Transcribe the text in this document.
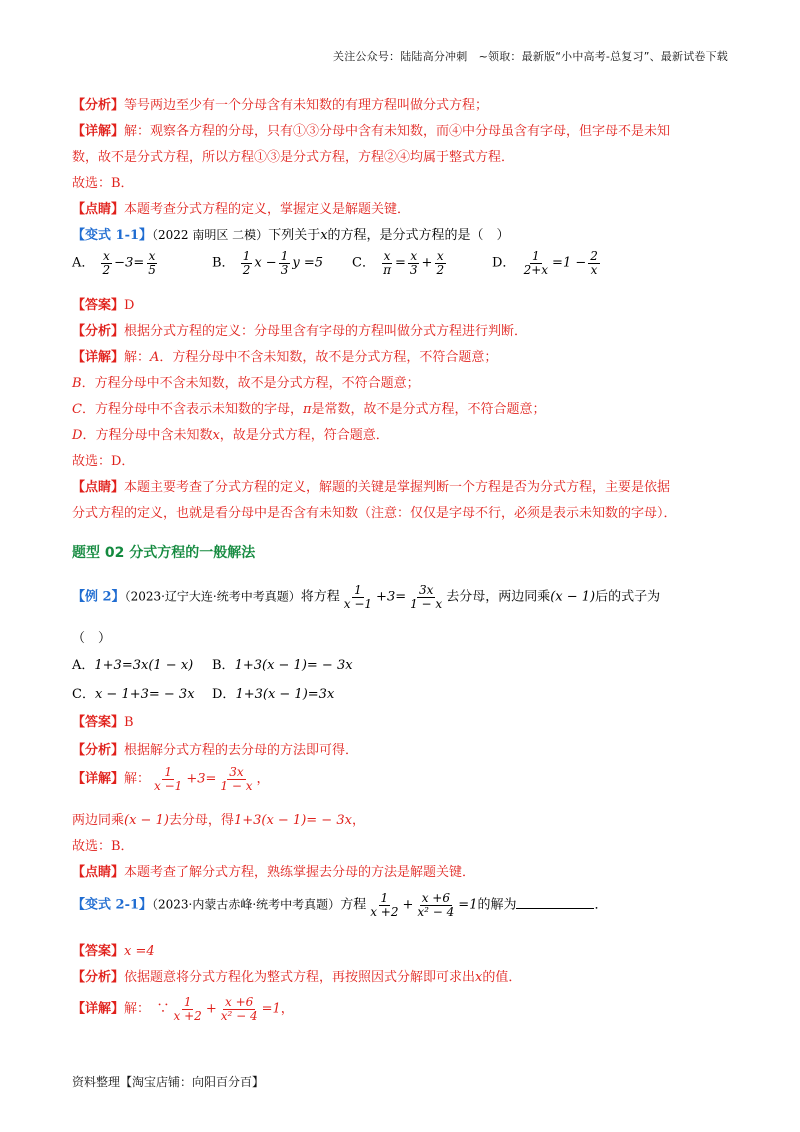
关注公众号：陆陆高分冲刺　~领取：最新版“小中高考-总复习”、最新试卷下载
【分析】等号两边至少有一个分母含有未知数的有理方程叫做分式方程；
【详解】解：观察各方程的分母，只有①③分母中含有未知数，而④中分母虽含有字母，但字母不是未知
数，故不是分式方程，所以方程①③是分式方程，方程②④均属于整式方程．
故选：B．
【点睛】本题考查分式方程的定义，掌握定义是解题关键．
【变式 1-1】（2022 南明区 二模）下列关于x的方程，是分式方程的是（　）
A． $\frac{x}{2} -3= \frac{x}{5}$	B． $\frac{1}{2}$ $x - \frac{1}{3}$ y =5 C． $\frac{x}{\pi} = \frac{x}{3} + \frac{x}{2}$	D． $\frac{1}{2+x} =1 - \frac{2}{x}$
【答案】D
【分析】根据分式方程的定义：分母里含有字母的方程叫做分式方程进行判断．
【详解】解：A．方程分母中不含未知数，故不是分式方程，不符合题意；
B．方程分母中不含未知数，故不是分式方程，不符合题意；
C．方程分母中不含表示未知数的字母，π是常数，故不是分式方程，不符合题意；
D．方程分母中含未知数x，故是分式方程，符合题意．
故选：D．
【点睛】本题主要考查了分式方程的定义，解题的关键是掌握判断一个方程是否为分式方程，主要是依据
分式方程的定义，也就是看分母中是否含有未知数（注意：仅仅是字母不行，必须是表示未知数的字母）．
题型 02 分式方程的一般解法
【例 2】（2023·辽宁大连·统考中考真题）将方程 $\frac{1}{x -1} +3= \frac{3x}{1 - x}$ 去分母，两边同乘(x − 1)后的式子为
（　）
A．1+3=3x(1 − x) B．1+3(x − 1)= − 3x
C．x − 1+3= − 3x D．1+3(x − 1)=3x
【答案】B
【分析】根据解分式方程的去分母的方法即可得．
【详解】解： $\frac{1}{x -1} +3= \frac{3x}{1 - x}$ ，
两边同乘(x − 1)去分母，得1+3(x − 1)= − 3x，
故选：B．
【点睛】本题考查了解分式方程，熟练掌握去分母的方法是解题关键．
【变式 2-1】（2023·内蒙古赤峰·统考中考真题）方程 $\frac{1}{x +2} + \frac{x +6}{\text{x² − 4}} =1$的解为	．
【答案】x =4
【分析】依据题意将分式方程化为整式方程，再按照因式分解即可求出x的值．
【详解】解：　∵ $\frac{1}{x +2} + \frac{x +6}{\text{x² − 4}} =1$，
资料整理【淘宝店铺：向阳百分百】
